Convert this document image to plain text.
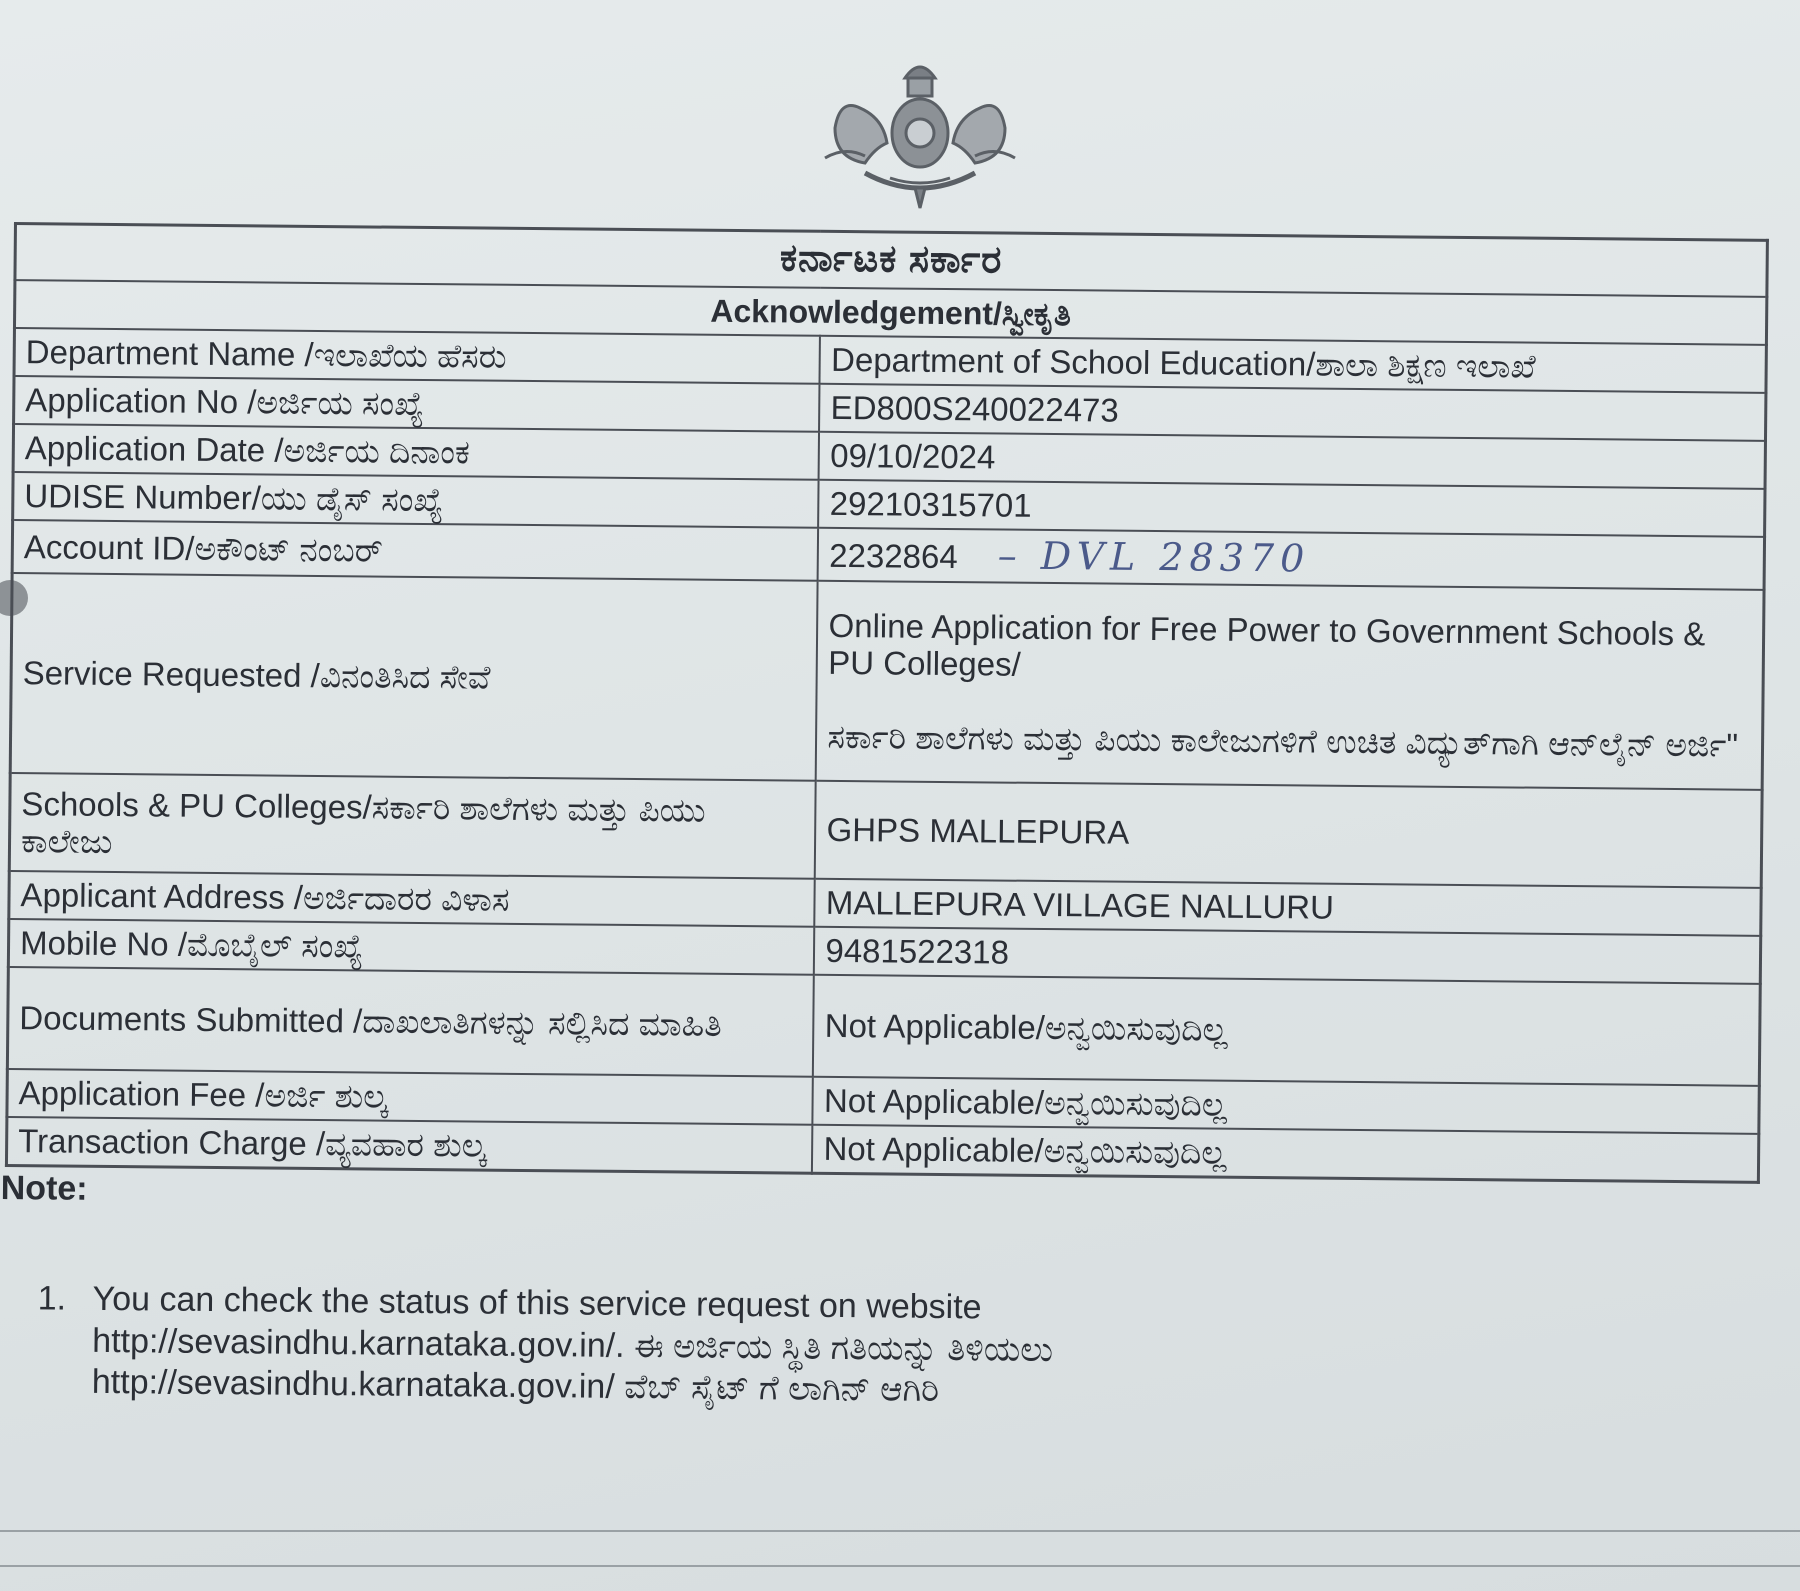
ಕರ್ನಾಟಕ ಸರ್ಕಾರ	
Acknowledgement/ಸ್ವೀಕೃತಿ	
Department Name /ಇಲಾಖೆಯ ಹೆಸರು	Department of School Education/ಶಾಲಾ ಶಿಕ್ಷಣ ಇಲಾಖೆ
Application No /ಅರ್ಜಿಯ ಸಂಖ್ಯೆ	ED800S240022473
Application Date /ಅರ್ಜಿಯ ದಿನಾಂಕ	09/10/2024
UDISE Number/ಯು ಡೈಸ್ ಸಂಖ್ಯೆ	29210315701
Account ID/ಅಕೌಂಟ್ ನಂಬರ್	2232864 – DVL 28370
Service Requested /ವಿನಂತಿಸಿದ ಸೇವೆ	Online Application for Free Power to Government Schools & PU Colleges/
ಸರ್ಕಾರಿ ಶಾಲೆಗಳು ಮತ್ತು ಪಿಯು ಕಾಲೇಜುಗಳಿಗೆ ಉಚಿತ ವಿದ್ಯುತ್‌ಗಾಗಿ ಆನ್‌ಲೈನ್ ಅರ್ಜಿ"

Schools & PU Colleges/ಸರ್ಕಾರಿ ಶಾಲೆಗಳು ಮತ್ತು ಪಿಯು ಕಾಲೇಜು	GHPS MALLEPURA
Applicant Address /ಅರ್ಜಿದಾರರ ವಿಳಾಸ	MALLEPURA VILLAGE NALLURU
Mobile No /ಮೊಬೈಲ್ ಸಂಖ್ಯೆ	9481522318
Documents Submitted /ದಾಖಲಾತಿಗಳನ್ನು ಸಲ್ಲಿಸಿದ ಮಾಹಿತಿ	Not Applicable/ಅನ್ವಯಿಸುವುದಿಲ್ಲ
Application Fee /ಅರ್ಜಿ ಶುಲ್ಕ	Not Applicable/ಅನ್ವಯಿಸುವುದಿಲ್ಲ
Transaction Charge /ವ್ಯವಹಾರ ಶುಲ್ಕ	Not Applicable/ಅನ್ವಯಿಸುವುದಿಲ್ಲ
Note:
1. You can check the status of this service request on website
http://sevasindhu.karnataka.gov.in/. ಈ ಅರ್ಜಿಯ ಸ್ಥಿತಿ ಗತಿಯನ್ನು ತಿಳಿಯಲು
http://sevasindhu.karnataka.gov.in/ ವೆಬ್ ಸೈಟ್ ಗೆ ಲಾಗಿನ್ ಆಗಿರಿ
